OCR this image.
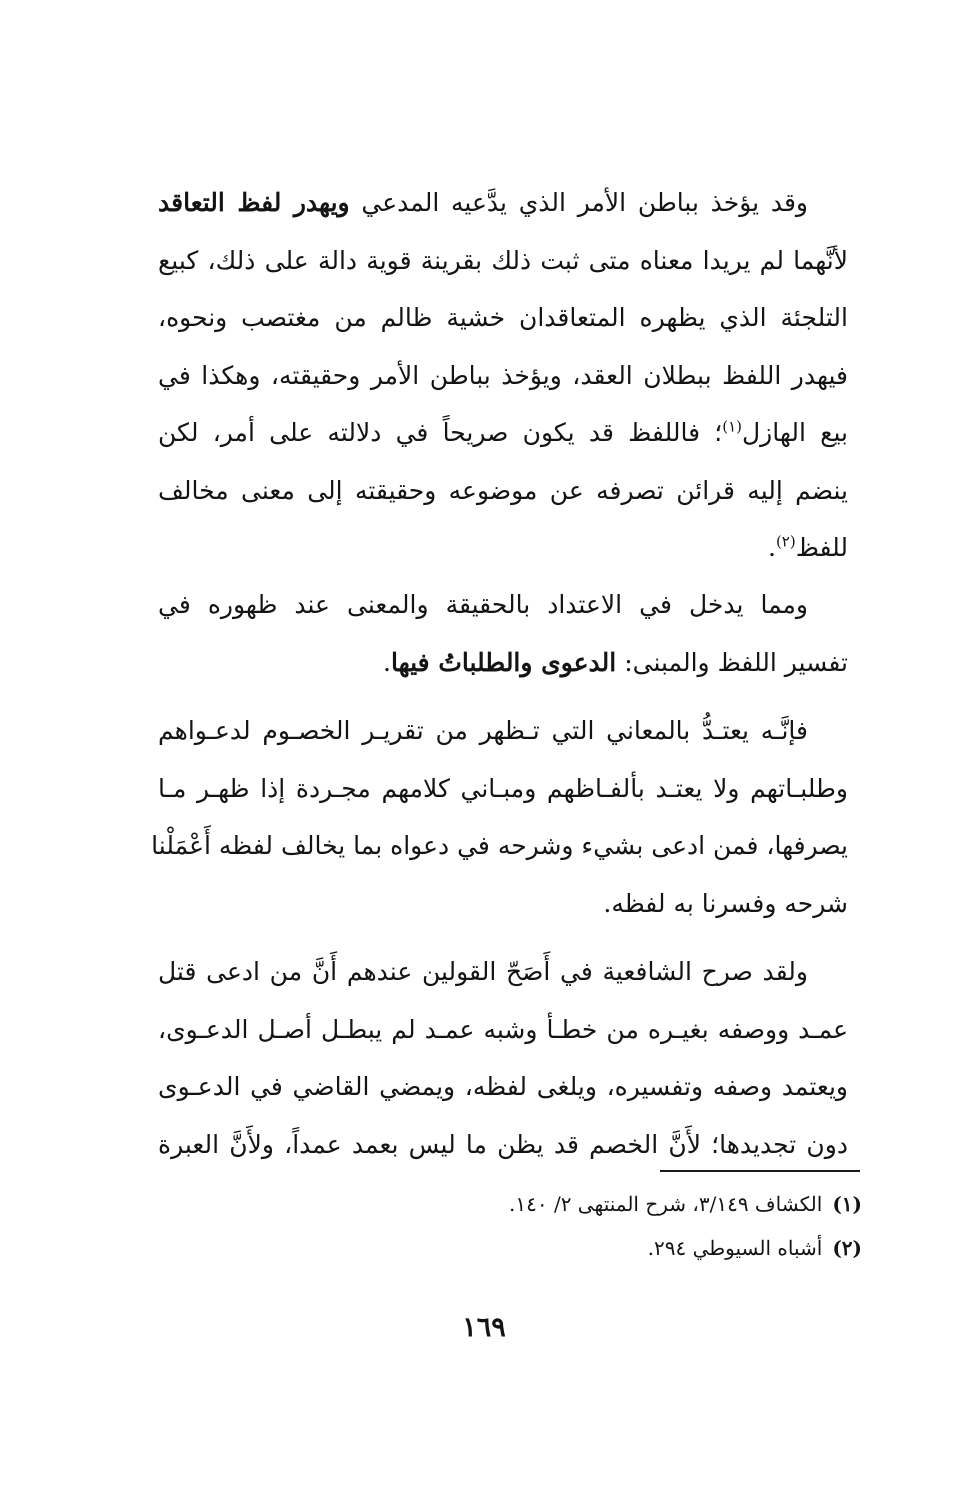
وقد يؤخذ بباطن الأمر الذي يدَّعيه المدعي ويهدر لفظ التعاقد
لأنَّهما لم يريدا معناه متى ثبت ذلك بقرينة قوية دالة على ذلك، كبيع
التلجئة الذي يظهره المتعاقدان خشية ظالم من مغتصب ونحوه،
فيهدر اللفظ ببطلان العقد، ويؤخذ بباطن الأمر وحقيقته، وهكذا في
بيع الهازل$^{(١)}$؛ فاللفظ قد يكون صريحاً في دلالته على أمر، لكن
ينضم إليه قرائن تصرفه عن موضوعه وحقيقته إلى معنى مخالف
للفظ$^{(٢)}$.
ومما يدخل في الاعتداد بالحقيقة والمعنى عند ظهوره في
تفسير اللفظ والمبنى: الدعوى والطلباتُ فيها.
فإنَّـه يعتـدُّ بالمعاني التي تـظهر من تقريـر الخصـوم لدعـواهم
وطلبـاتهم ولا يعتـد بألفـاظهم ومبـاني كلامهم مجـردة إذا ظهـر مـا
يصرفها، فمن ادعى بشيء وشرحه في دعواه بما يخالف لفظه أَعْمَلْنا
شرحه وفسرنا به لفظه.
ولقد صرح الشافعية في أَصَحّ القولين عندهم أَنَّ من ادعى قتل
عمـد ووصفه بغيـره من خطـأ وشبه عمـد لم يبطـل أصـل الدعـوى،
ويعتمد وصفه وتفسيره، ويلغى لفظه، ويمضي القاضي في الدعـوى
دون تجديدها؛ لأَنَّ الخصم قد يظن ما ليس بعمد عمداً، ولأَنَّ العبرة
(١)الكشاف ٣/١٤٩، شرح المنتهى ٢/ ١٤٠.
(٢)أشباه السيوطي ٢٩٤.
١٦٩
